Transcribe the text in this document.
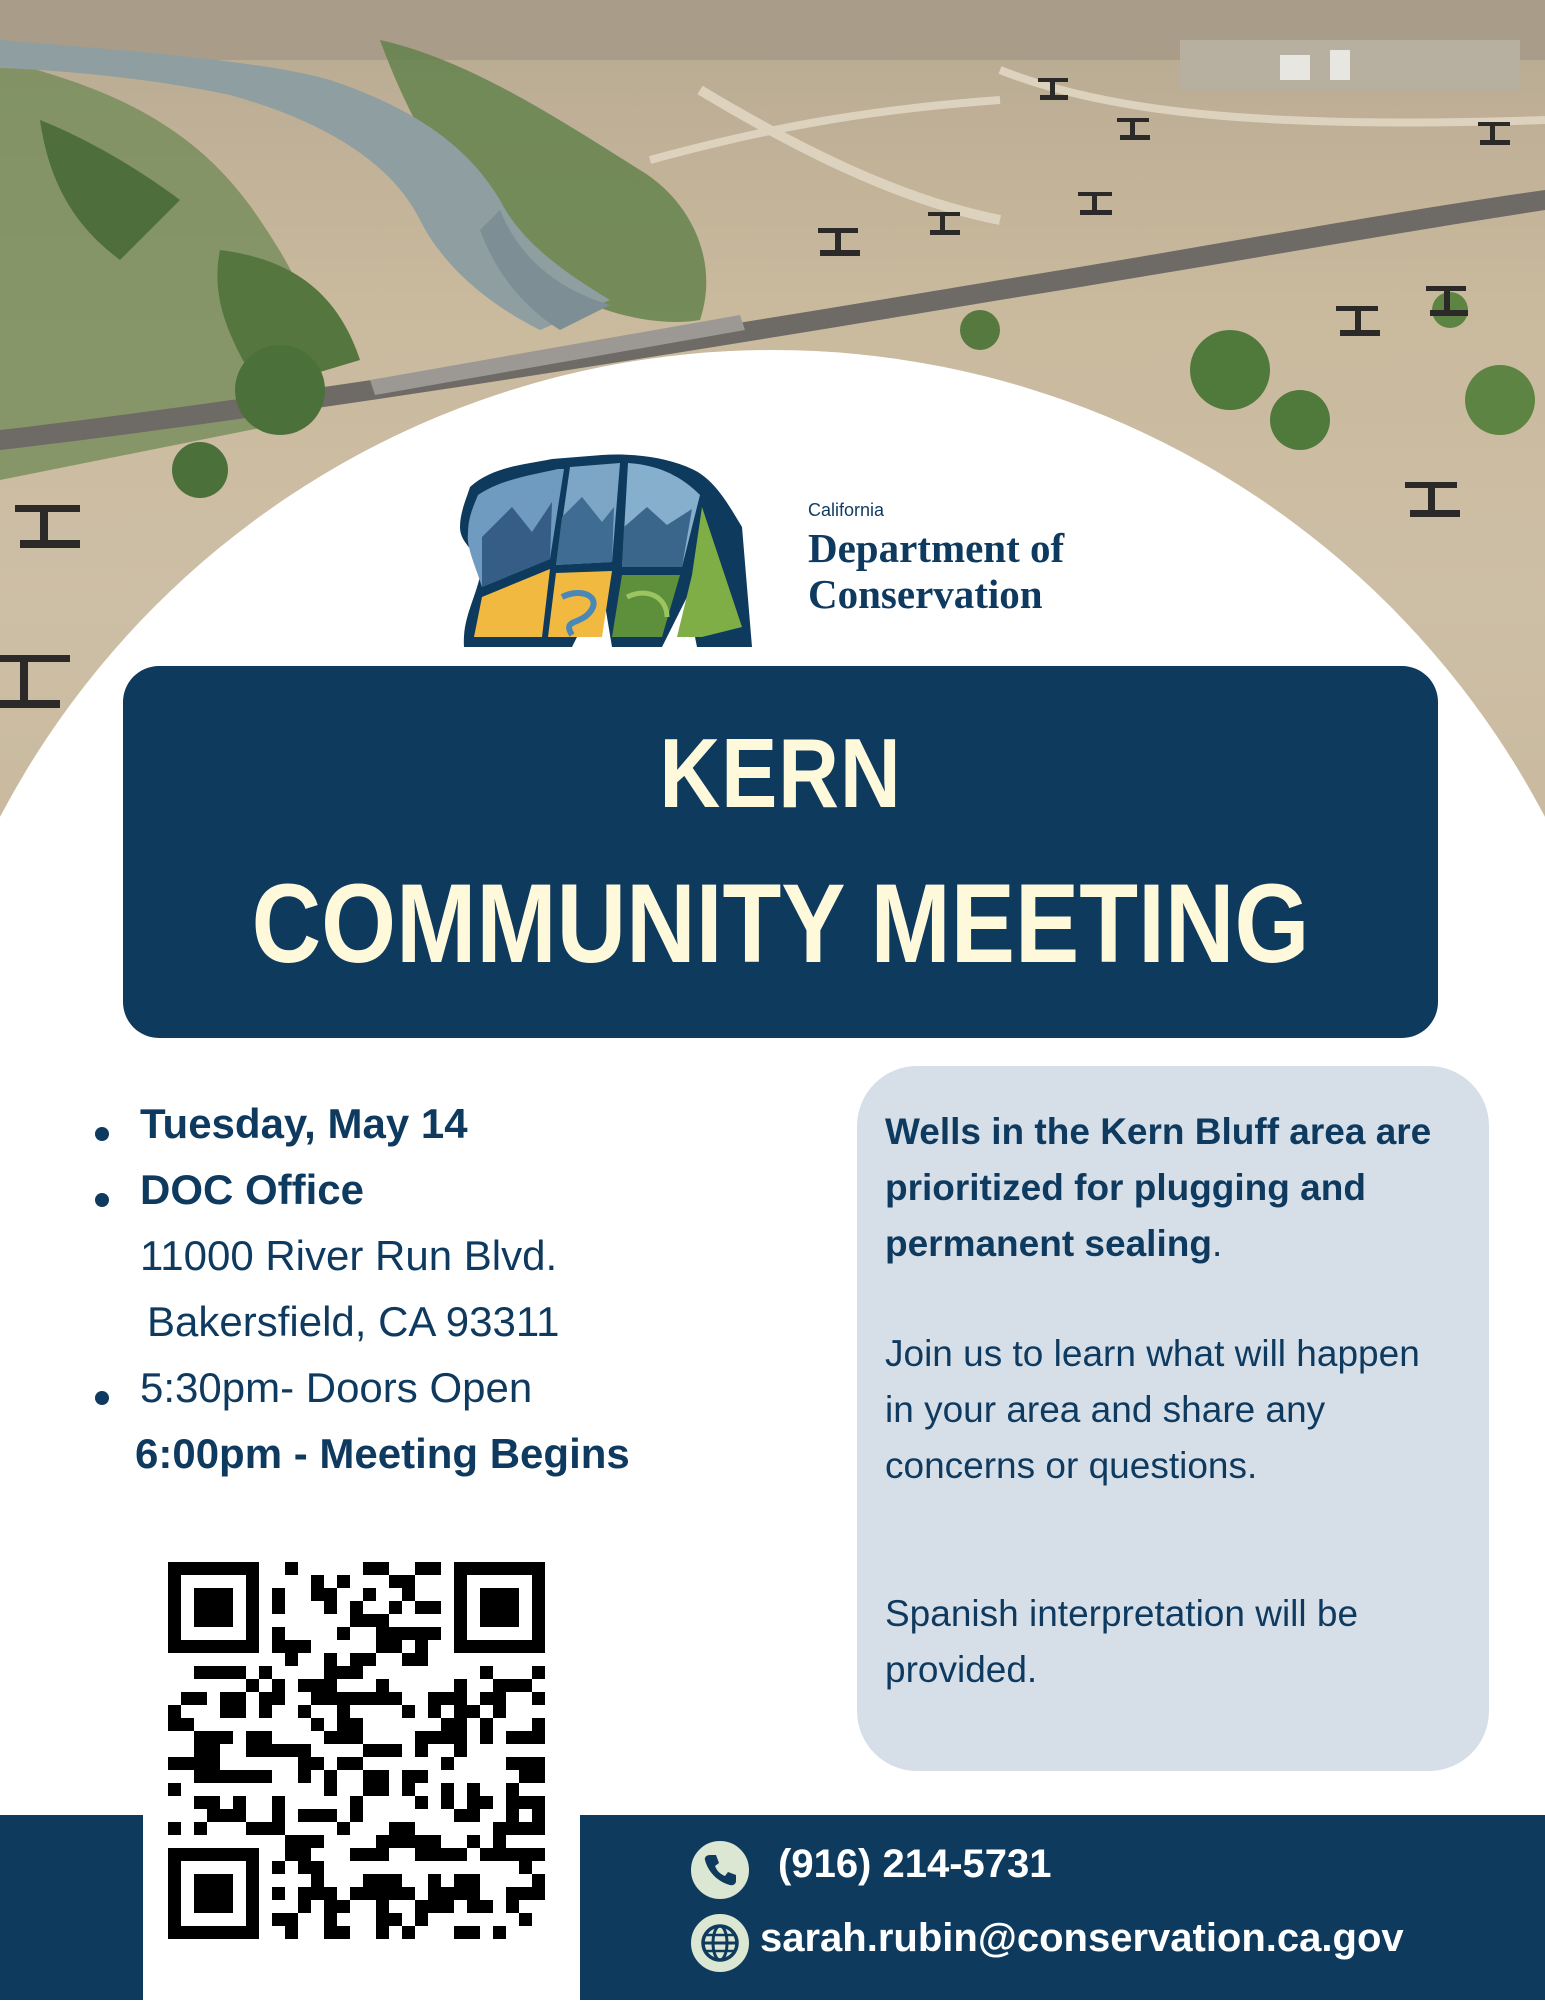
California
Department of
Conservation
KERN
COMMUNITY MEETING
Tuesday, May 14
DOC Office
11000 River Run Blvd.
Bakersfield, CA 93311
5:30pm- Doors Open
6:00pm - Meeting Begins

Wells in the Kern Bluff area are prioritized for plugging and permanent sealing.

Join us to learn what will happen in your area and share any concerns or questions.

Spanish interpretation will be provided.

(916) 214-5731
sarah.rubin@conservation.ca.gov
